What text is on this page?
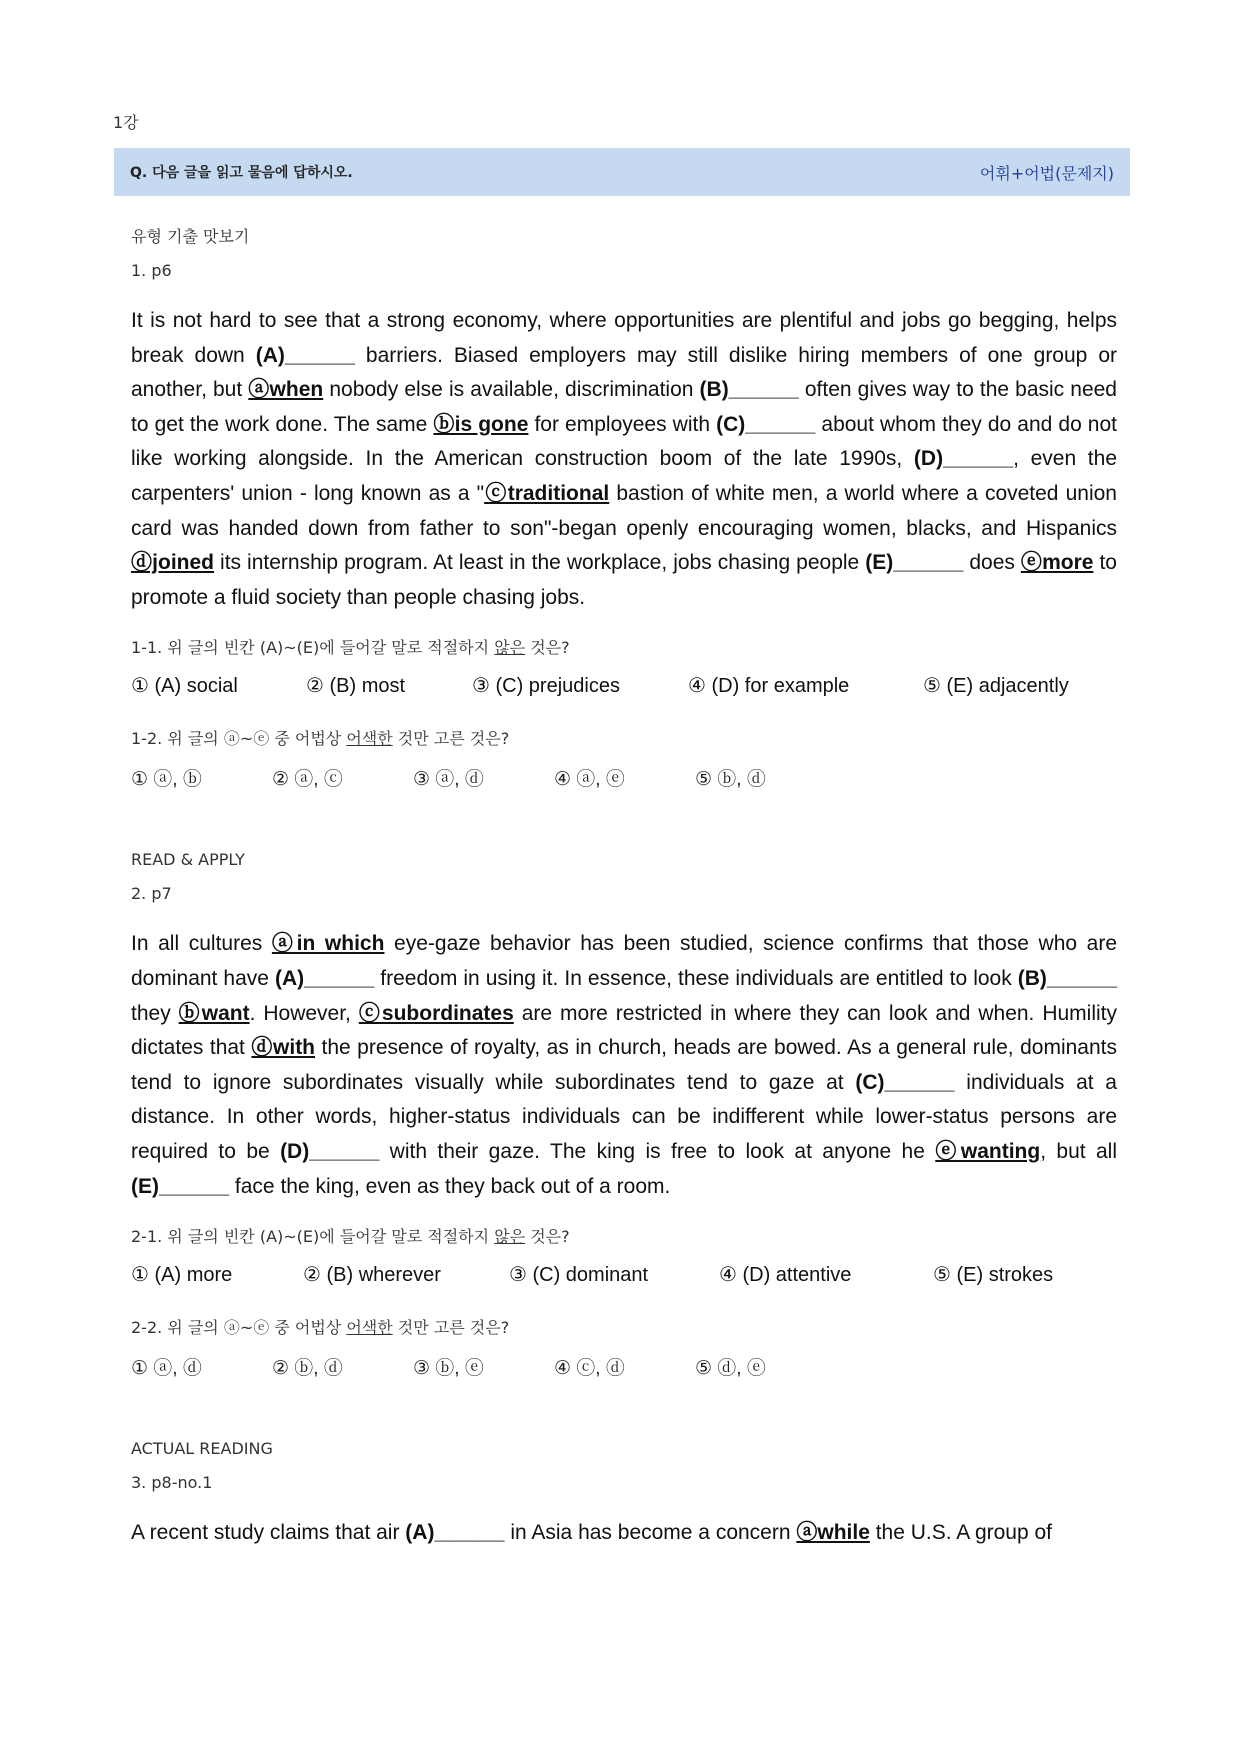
1강
Q. 다음 글을 읽고 물음에 답하시오.	어휘+어법(문제지)

유형 기출 맛보기

1. p6

It is not hard to see that a strong economy, where opportunities are plentiful and jobs go begging, helps break down (A)______ barriers. Biased employers may still dislike hiring members of one group or another, but ⓐwhen nobody else is available, discrimination (B)______ often gives way to the basic need to get the work done. The same ⓑis gone for employees with (C)______ about whom they do and do not like working alongside. In the American construction boom of the late 1990s, (D)______, even the carpenters' union - long known as a "ⓒtraditional bastion of white men, a world where a coveted union card was handed down from father to son"-began openly encouraging women, blacks, and Hispanics ⓓjoined its internship program. At least in the workplace, jobs chasing people (E)______ does ⓔmore to promote a fluid society than people chasing jobs.

1-1. 위 글의 빈칸 (A)~(E)에 들어갈 말로 적절하지 않은 것은?

① (A) social	② (B) most	③ (C) prejudices	④ (D) for example	⑤ (E) adjacently

1-2. 위 글의 ⓐ~ⓔ 중 어법상 어색한 것만 고른 것은?

① ⓐ, ⓑ	② ⓐ, ⓒ	③ ⓐ, ⓓ	④ ⓐ, ⓔ	⑤ ⓑ, ⓓ

READ & APPLY

2. p7

In all cultures ⓐin which eye-gaze behavior has been studied, science confirms that those who are dominant have (A)______ freedom in using it. In essence, these individuals are entitled to look (B)______ they ⓑwant. However, ⓒsubordinates are more restricted in where they can look and when. Humility dictates that ⓓwith the presence of royalty, as in church, heads are bowed. As a general rule, dominants tend to ignore subordinates visually while subordinates tend to gaze at (C)______ individuals at a distance. In other words, higher-status individuals can be indifferent while lower-status persons are required to be (D)______ with their gaze. The king is free to look at anyone he ⓔwanting, but all (E)______ face the king, even as they back out of a room.

2-1. 위 글의 빈칸 (A)~(E)에 들어갈 말로 적절하지 않은 것은?

① (A) more	② (B) wherever	③ (C) dominant	④ (D) attentive	⑤ (E) strokes

2-2. 위 글의 ⓐ~ⓔ 중 어법상 어색한 것만 고른 것은?

① ⓐ, ⓓ	② ⓑ, ⓓ	③ ⓑ, ⓔ	④ ⓒ, ⓓ	⑤ ⓓ, ⓔ

ACTUAL READING

3. p8-no.1

A recent study claims that air (A)______ in Asia has become a concern ⓐwhile the U.S. A group of
